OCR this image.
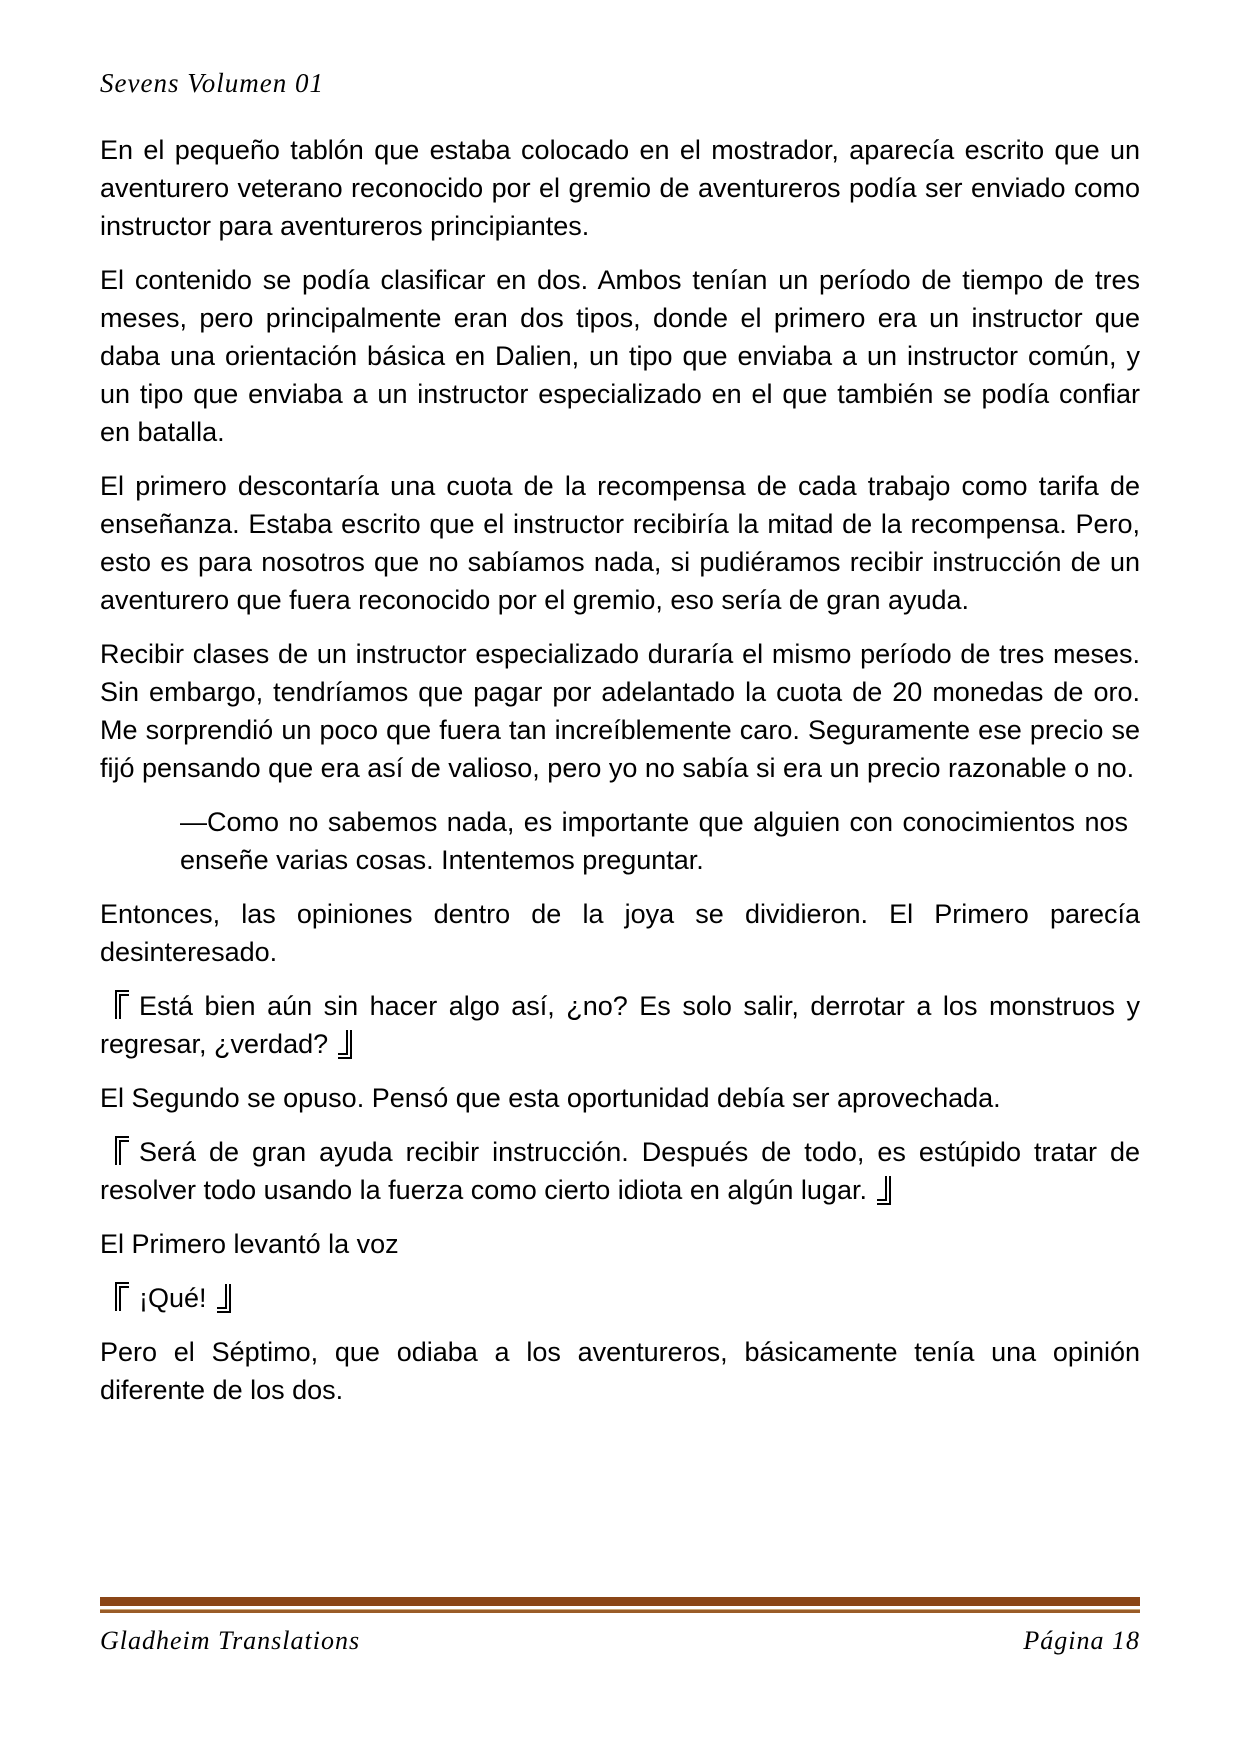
Sevens Volumen 01

En el pequeño tablón que estaba colocado en el mostrador, aparecía escrito que un aventurero veterano reconocido por el gremio de aventureros podía ser enviado como instructor para aventureros principiantes.

El contenido se podía clasificar en dos. Ambos tenían un período de tiempo de tres meses, pero principalmente eran dos tipos, donde el primero era un instructor que daba una orientación básica en Dalien, un tipo que enviaba a un instructor común, y un tipo que enviaba a un instructor especializado en el que también se podía confiar en batalla.

El primero descontaría una cuota de la recompensa de cada trabajo como tarifa de enseñanza. Estaba escrito que el instructor recibiría la mitad de la recompensa. Pero, esto es para nosotros que no sabíamos nada, si pudiéramos recibir instrucción de un aventurero que fuera reconocido por el gremio, eso sería de gran ayuda.

Recibir clases de un instructor especializado duraría el mismo período de tres meses. Sin embargo, tendríamos que pagar por adelantado la cuota de 20 monedas de oro. Me sorprendió un poco que fuera tan increíblemente caro. Seguramente ese precio se fijó pensando que era así de valioso, pero yo no sabía si era un precio razonable o no.

—Como no sabemos nada, es importante que alguien con conocimientos nos enseñe varias cosas. Intentemos preguntar.

Entonces, las opiniones dentro de la joya se dividieron. El Primero parecía desinteresado.

Está bien aún sin hacer algo así, ¿no? Es solo salir, derrotar a los monstruos y regresar, ¿verdad?

El Segundo se opuso. Pensó que esta oportunidad debía ser aprovechada.

Será de gran ayuda recibir instrucción. Después de todo, es estúpido tratar de resolver todo usando la fuerza como cierto idiota en algún lugar.

El Primero levantó la voz

¡Qué!

Pero el Séptimo, que odiaba a los aventureros, básicamente tenía una opinión diferente de los dos.

Gladheim Translations	Página 18
